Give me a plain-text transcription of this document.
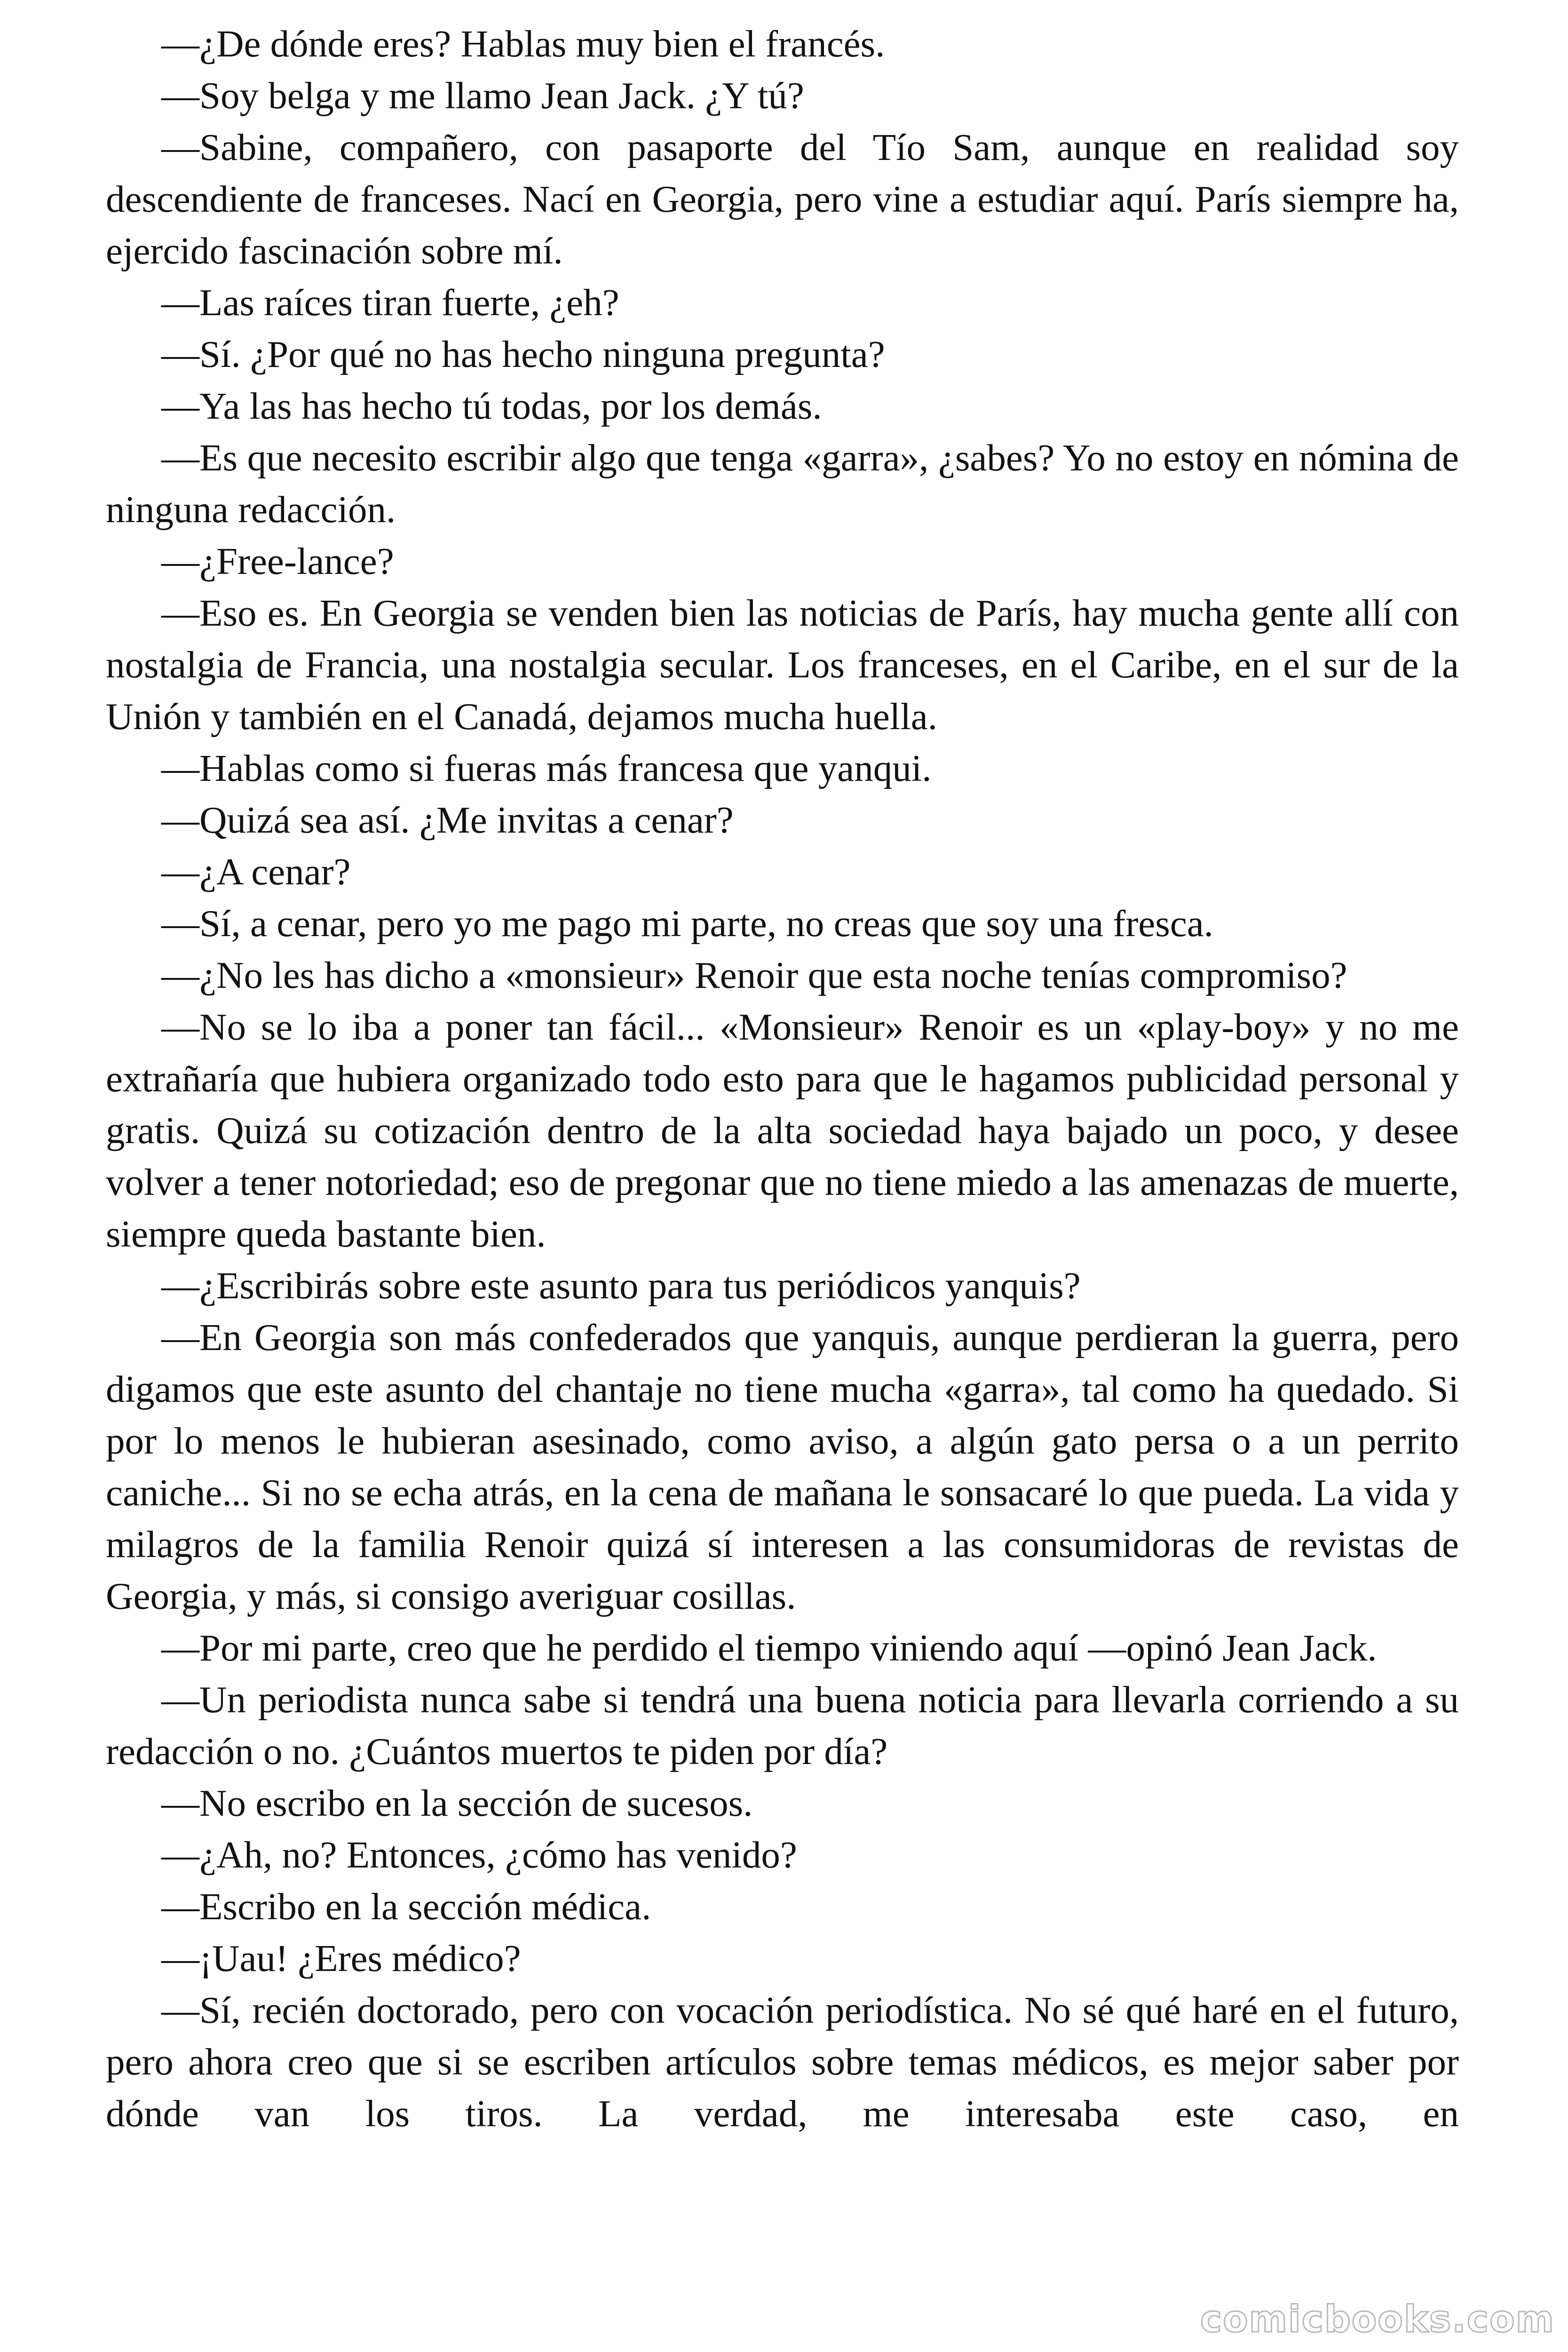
—¿De dónde eres? Hablas muy bien el francés.

—Soy belga y me llamo Jean Jack. ¿Y tú?

—Sabine, compañero, con pasaporte del Tío Sam, aunque en realidad soy descendiente de franceses. Nací en Georgia, pero vine a estudiar aquí. París siempre ha, ejercido fascinación sobre mí.

—Las raíces tiran fuerte, ¿eh?

—Sí. ¿Por qué no has hecho ninguna pregunta?

—Ya las has hecho tú todas, por los demás.

—Es que necesito escribir algo que tenga «garra», ¿sabes? Yo no estoy en nómina de ninguna redacción.

—¿Free-lance?

—Eso es. En Georgia se venden bien las noticias de París, hay mucha gente allí con nostalgia de Francia, una nostalgia secular. Los franceses, en el Caribe, en el sur de la Unión y también en el Canadá, dejamos mucha huella.

—Hablas como si fueras más francesa que yanqui.

—Quizá sea así. ¿Me invitas a cenar?

—¿A cenar?

—Sí, a cenar, pero yo me pago mi parte, no creas que soy una fresca.

—¿No les has dicho a «monsieur» Renoir que esta noche tenías compromiso?

—No se lo iba a poner tan fácil... «Monsieur» Renoir es un «play-boy» y no me extrañaría que hubiera organizado todo esto para que le hagamos publicidad personal y gratis. Quizá su cotización dentro de la alta sociedad haya bajado un poco, y desee volver a tener notoriedad; eso de pregonar que no tiene miedo a las amenazas de muerte, siempre queda bastante bien.

—¿Escribirás sobre este asunto para tus periódicos yanquis?

—En Georgia son más confederados que yanquis, aunque perdieran la guerra, pero digamos que este asunto del chantaje no tiene mucha «garra», tal como ha quedado. Si por lo menos le hubieran asesinado, como aviso, a algún gato persa o a un perrito caniche... Si no se echa atrás, en la cena de mañana le sonsacaré lo que pueda. La vida y milagros de la familia Renoir quizá sí interesen a las consumidoras de revistas de Georgia, y más, si consigo averiguar cosillas.

—Por mi parte, creo que he perdido el tiempo viniendo aquí —opinó Jean Jack.

—Un periodista nunca sabe si tendrá una buena noticia para llevarla corriendo a su redacción o no. ¿Cuántos muertos te piden por día?

—No escribo en la sección de sucesos.

—¿Ah, no? Entonces, ¿cómo has venido?

—Escribo en la sección médica.

—¡Uau! ¿Eres médico?

—Sí, recién doctorado, pero con vocación periodística. No sé qué haré en el futuro, pero ahora creo que si se escriben artículos sobre temas médicos, es mejor saber por dónde van los tiros. La verdad, me interesaba este caso, en

comicbooks.com
